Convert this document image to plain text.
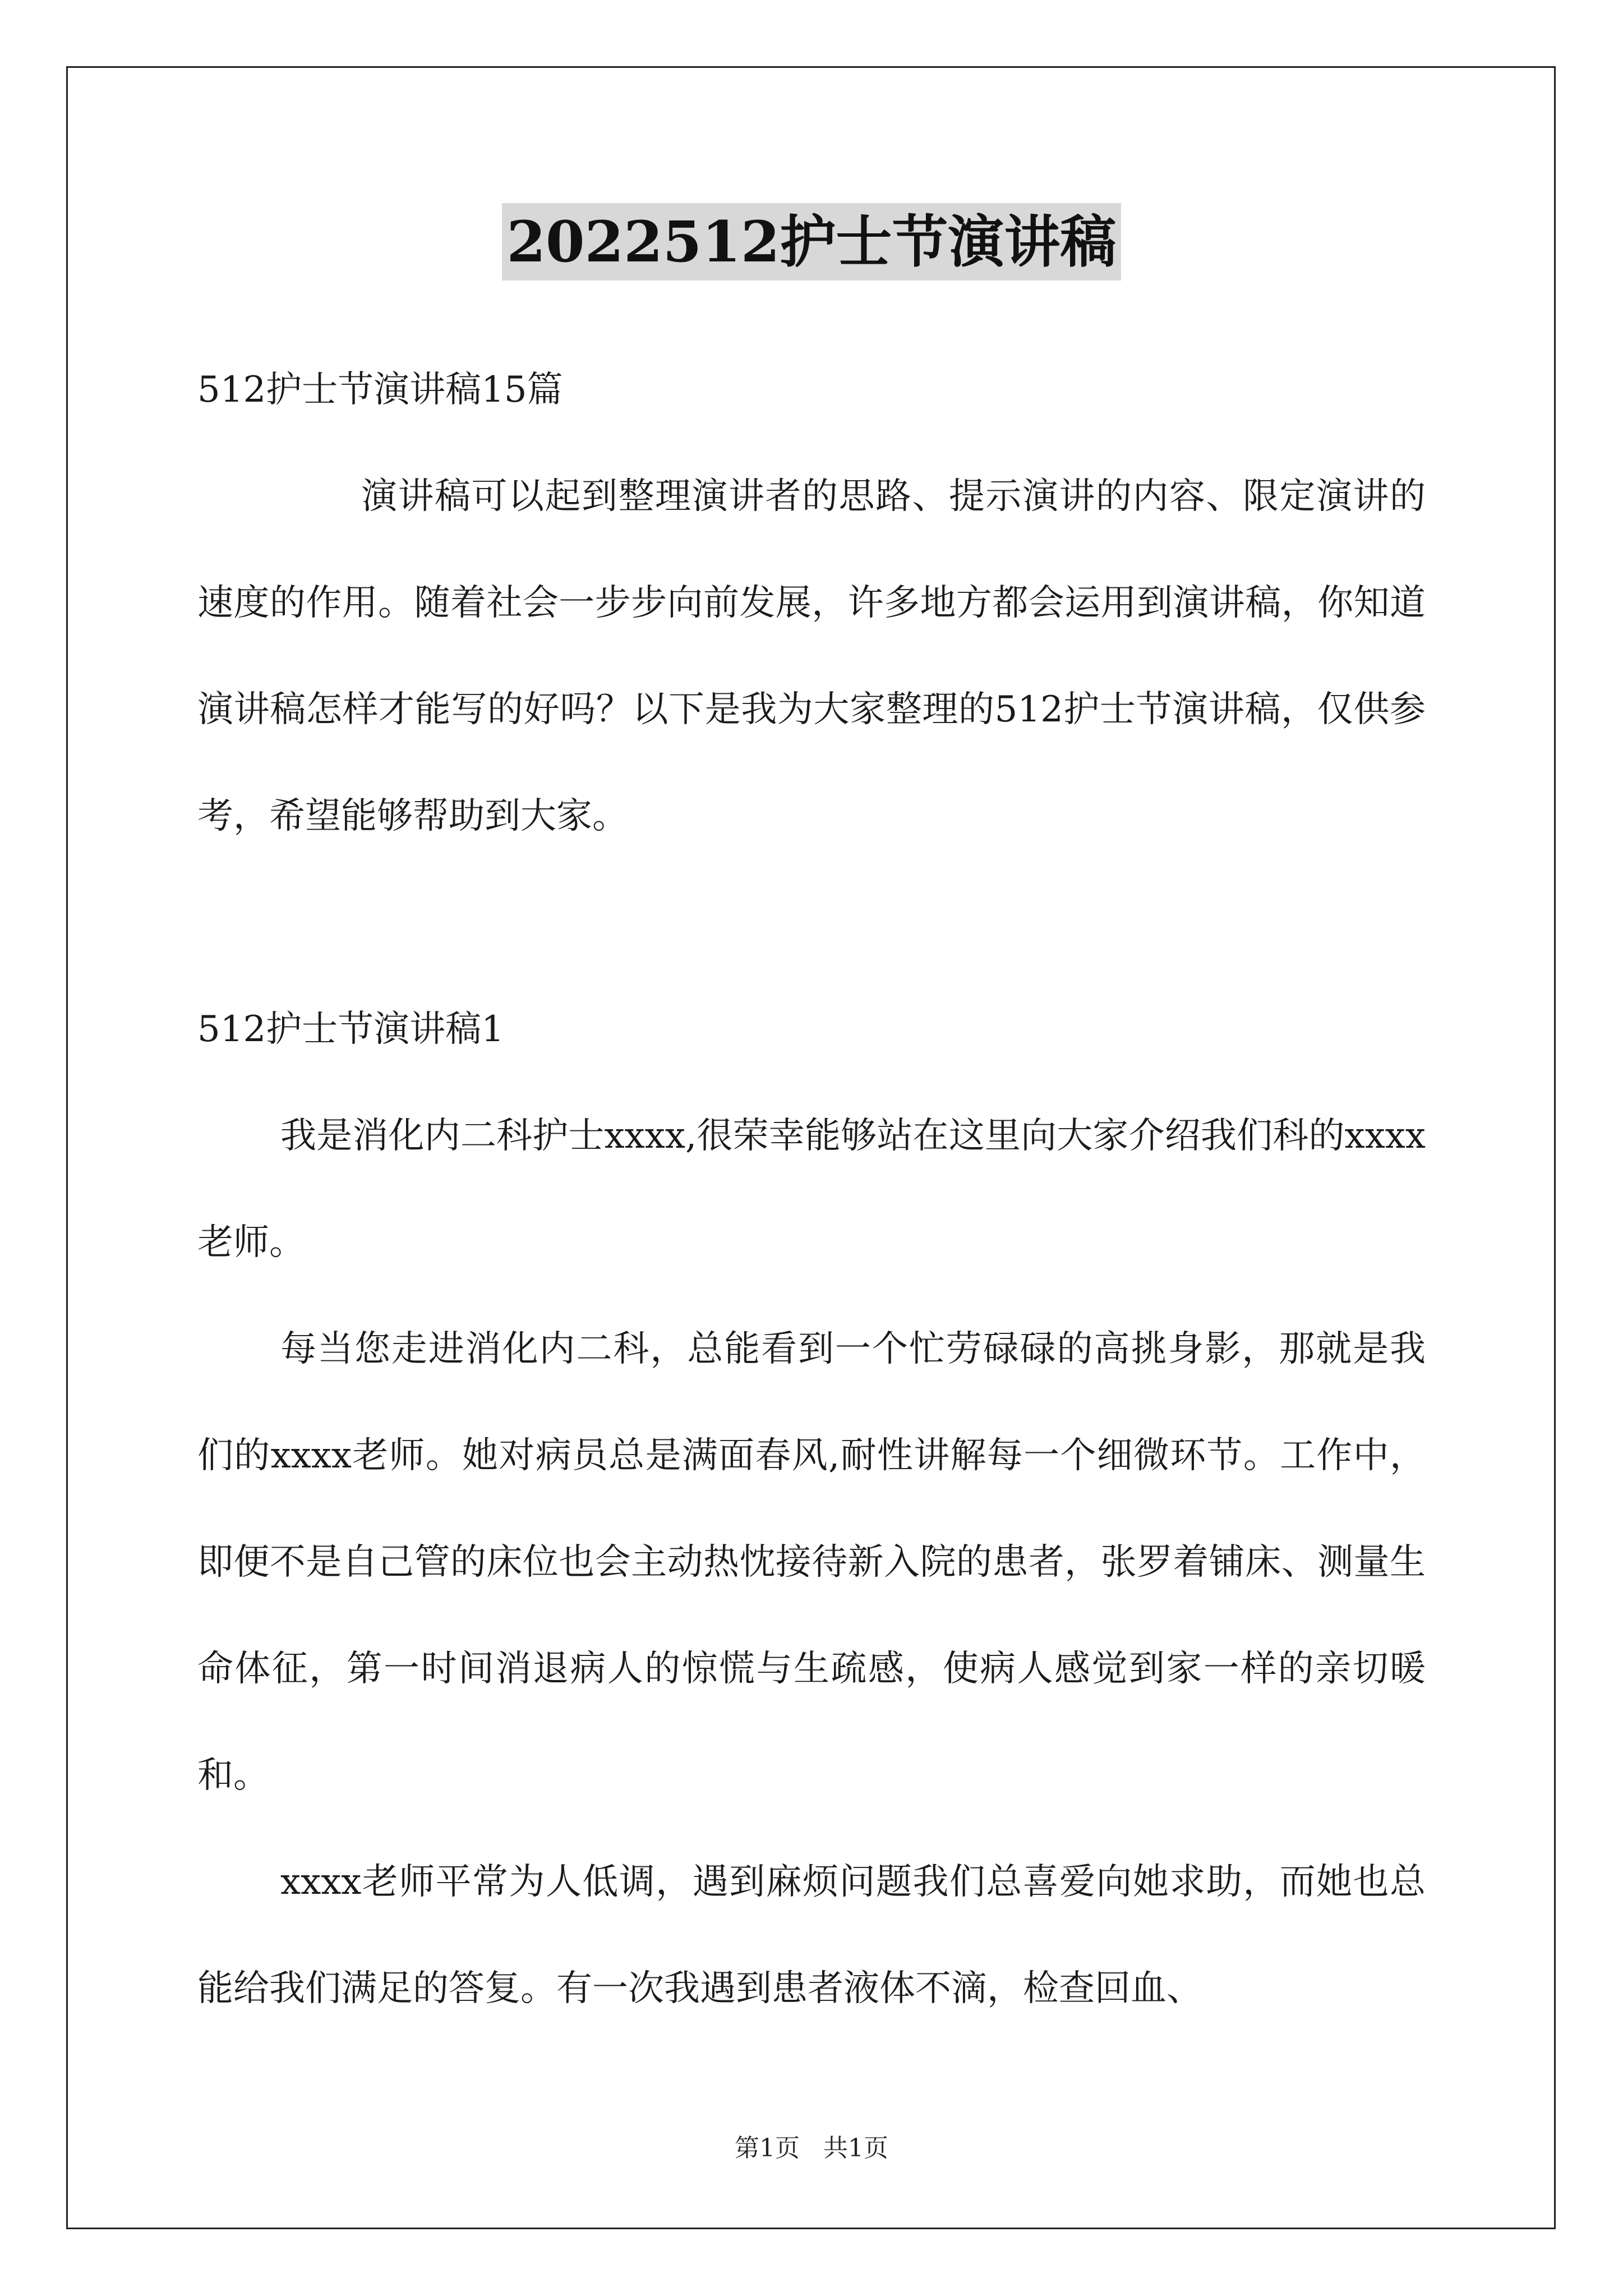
2022512护士节演讲稿

512护士节演讲稿15篇

演讲稿可以起到整理演讲者的思路、提示演讲的内容、限定演讲的速度的作用。随着社会一步步向前发展，许多地方都会运用到演讲稿，你知道演讲稿怎样才能写的好吗？以下是我为大家整理的512护士节演讲稿，仅供参考，希望能够帮助到大家。

512护士节演讲稿1

我是消化内二科护士xxxx,很荣幸能够站在这里向大家介绍我们科的xxxx老师。

每当您走进消化内二科，总能看到一个忙劳碌碌的高挑身影，那就是我们的xxxx老师。她对病员总是满面春风,耐性讲解每一个细微环节。工作中，即便不是自己管的床位也会主动热忱接待新入院的患者，张罗着铺床、测量生命体征，第一时间消退病人的惊慌与生疏感，使病人感觉到家一样的亲切暖和。

xxxx老师平常为人低调，遇到麻烦问题我们总喜爱向她求助，而她也总能给我们满足的答复。有一次我遇到患者液体不滴，检查回血、

第1页 共1页
